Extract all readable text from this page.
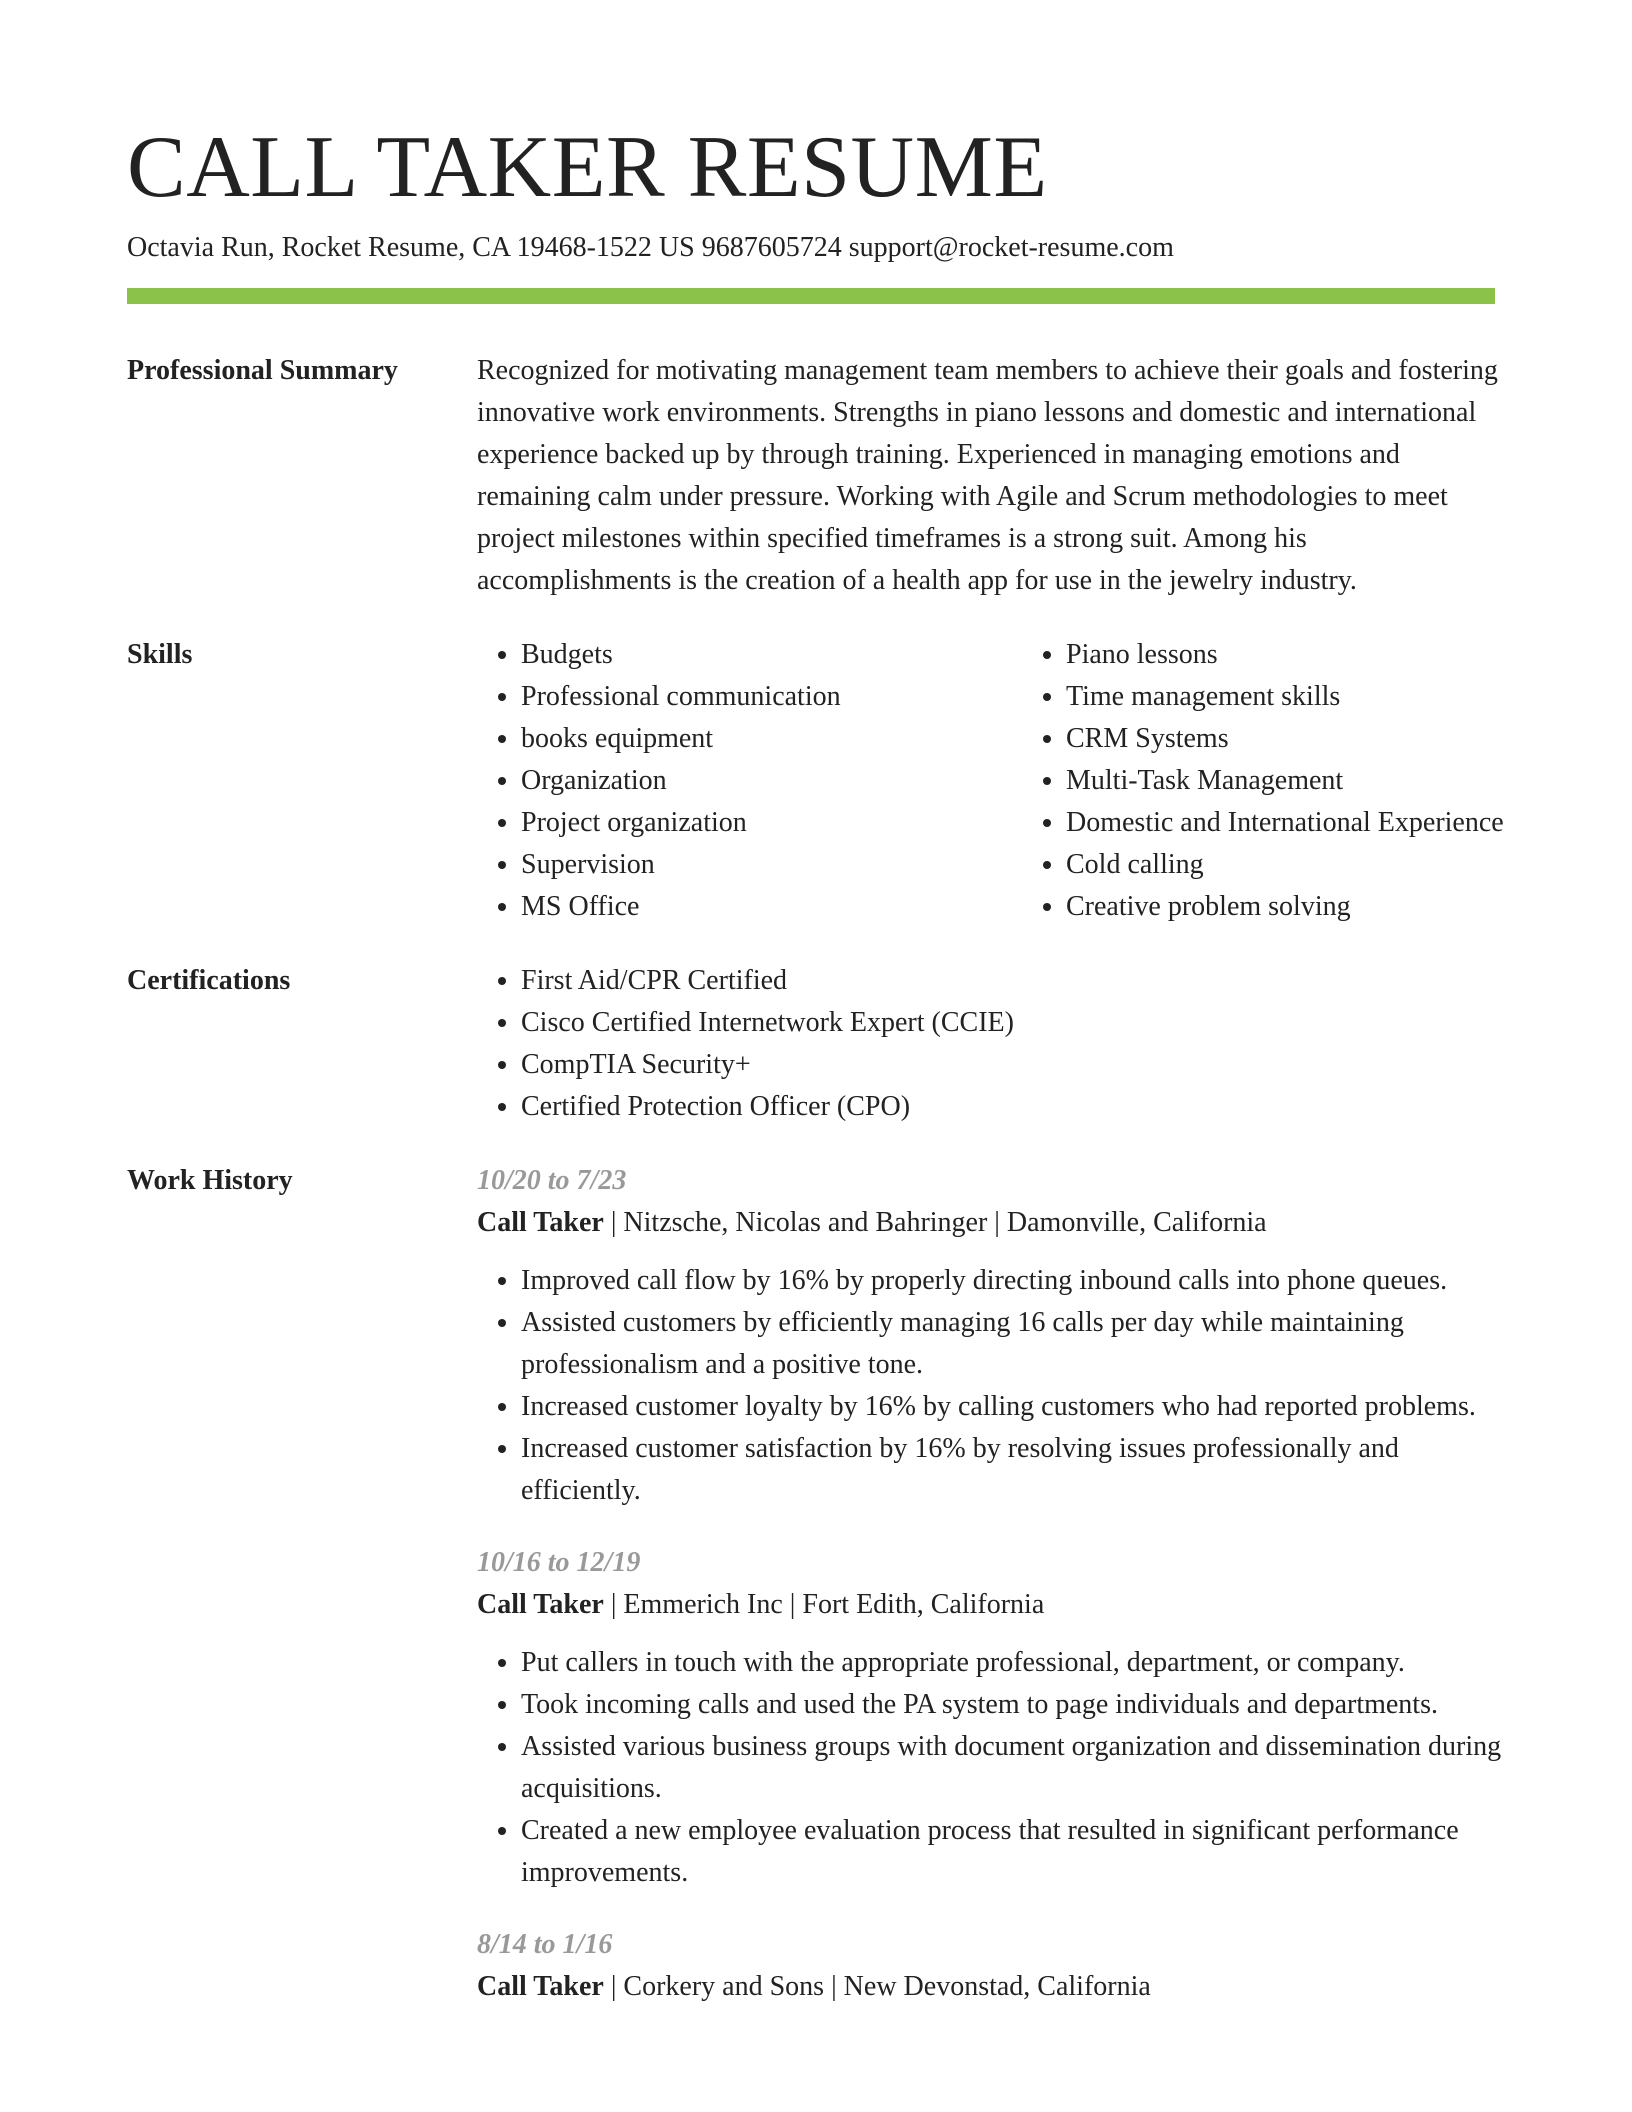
CALL TAKER RESUME
Octavia Run, Rocket Resume, CA 19468-1522 US 9687605724 support@rocket-resume.com
Professional Summary	Recognized for motivating management team members to achieve their goals and fostering innovative work environments. Strengths in piano lessons and domestic and international experience backed up by through training. Experienced in managing emotions and remaining calm under pressure. Working with Agile and Scrum methodologies to meet project milestones within specified timeframes is a strong suit. Among his accomplishments is the creation of a health app for use in the jewelry industry.

Skills	• Budgets
• Professional communication
• books equipment
• Organization
• Project organization
• Supervision
• MS Office
• Piano lessons
• Time management skills
• CRM Systems
• Multi-Task Management
• Domestic and International Experience
• Cold calling
• Creative problem solving
Certifications	• First Aid/CPR Certified
• Cisco Certified Internetwork Expert (CCIE)
• CompTIA Security+
• Certified Protection Officer (CPO)
Work History	10/20 to 7/23
Call Taker | Nitzsche, Nicolas and Bahringer | Damonville, California
• Improved call flow by 16% by properly directing inbound calls into phone queues.
• Assisted customers by efficiently managing 16 calls per day while maintaining professionalism and a positive tone.
• Increased customer loyalty by 16% by calling customers who had reported problems.
• Increased customer satisfaction by 16% by resolving issues professionally and efficiently.
10/16 to 12/19
Call Taker | Emmerich Inc | Fort Edith, California
• Put callers in touch with the appropriate professional, department, or company.
• Took incoming calls and used the PA system to page individuals and departments.
• Assisted various business groups with document organization and dissemination during acquisitions.
• Created a new employee evaluation process that resulted in significant performance improvements.
8/14 to 1/16
Call Taker | Corkery and Sons | New Devonstad, California
